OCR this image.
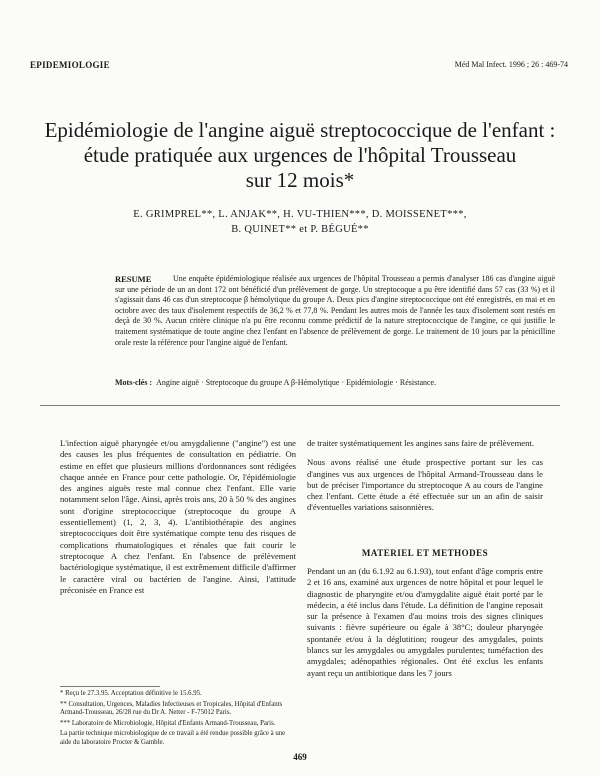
EPIDEMIOLOGIE	Méd Mal Infect. 1996 ; 26 : 469-74
Epidémiologie de l'angine aiguë streptococcique de l'enfant :
étude pratiquée aux urgences de l'hôpital Trousseau
sur 12 mois*
E. GRIMPREL**, L. ANJAK**, H. VU-THIEN***, D. MOISSENET***,
B. QUINET** et P. BÉGUÉ**
RESUME	Une enquête épidémiologique réalisée aux urgences de l'hôpital Trousseau a permis d'analyser 186 cas d'angine aiguë sur une période de un an dont 172 ont bénéficié d'un prélèvement de gorge. Un streptocoque a pu être identifié dans 57 cas (33 %) et il s'agissait dans 46 cas d'un streptocoque β hémolytique du groupe A. Deux pics d'angine streptococcique ont été enregistrés, en mai et en octobre avec des taux d'isolement respectifs de 36,2 % et 77,8 %. Pendant les autres mois de l'année les taux d'isolement sont restés en deçà de 30 %. Aucun critère clinique n'a pu être reconnu comme prédictif de la nature streptococcique de l'angine, ce qui justifie le traitement systématique de toute angine chez l'enfant en l'absence de prélèvement de gorge. Le traitement de 10 jours par la pénicilline orale reste la référence pour l'angine aiguë de l'enfant.
Mots-clés : Angine aiguë · Streptocoque du groupe A β-Hémolytique · Epidémiologie · Résistance.

L'infection aiguë pharyngée et/ou amygdalienne ("angine") est une des causes les plus fréquentes de consultation en pédiatrie. On estime en effet que plusieurs millions d'ordonnances sont rédigées chaque année en France pour cette pathologie. Or, l'épidémiologie des angines aiguës reste mal connue chez l'enfant. Elle varie notamment selon l'âge. Ainsi, après trois ans, 20 à 50 % des angines sont d'origine streptococcique (streptocoque du groupe A essentiellement) (1, 2, 3, 4). L'antibiothérapie des angines streptococciques doit être systématique compte tenu des risques de complications rhumatologiques et rénales que fait courir le streptocoque A chez l'enfant. En l'absence de prélèvement bactériologique systématique, il est extrêmement difficile d'affirmer le caractère viral ou bactérien de l'angine. Ainsi, l'attitude préconisée en France est

de traiter systématiquement les angines sans faire de prélèvement.

Nous avons réalisé une étude prospective portant sur les cas d'angines vus aux urgences de l'hôpital Armand-Trousseau dans le but de préciser l'importance du streptocoque A au cours de l'angine chez l'enfant. Cette étude a été effectuée sur un an afin de saisir d'éventuelles variations saisonnières.

MATERIEL ET METHODES

Pendant un an (du 6.1.92 au 6.1.93), tout enfant d'âge compris entre 2 et 16 ans, examiné aux urgences de notre hôpital et pour lequel le diagnostic de pharyngite et/ou d'amygdalite aiguë était porté par le médecin, a été inclus dans l'étude. La définition de l'angine reposait sur la présence à l'examen d'au moins trois des signes cliniques suivants : fièvre supérieure ou égale à 38°C; douleur pharyngée spontanée et/ou à la déglutition; rougeur des amygdales, points blancs sur les amygdales ou amygdales purulentes; tuméfaction des amygdales; adénopathies régionales. Ont été exclus les enfants ayant reçu un antibiotique dans les 7 jours

* Reçu le 27.3.95. Acceptation définitive le 15.6.95.
** Consultation, Urgences, Maladies Infectieuses et Tropicales, Hôpital d'Enfants Armand-Trousseau, 26/28 rue du Dr A. Netter - F-75012 Paris.
*** Laboratoire de Microbiologie, Hôpital d'Enfants Armand-Trousseau, Paris.
La partie technique microbiologique de ce travail a été rendue possible grâce à une aide du laboratoire Procter & Gamble.
469
